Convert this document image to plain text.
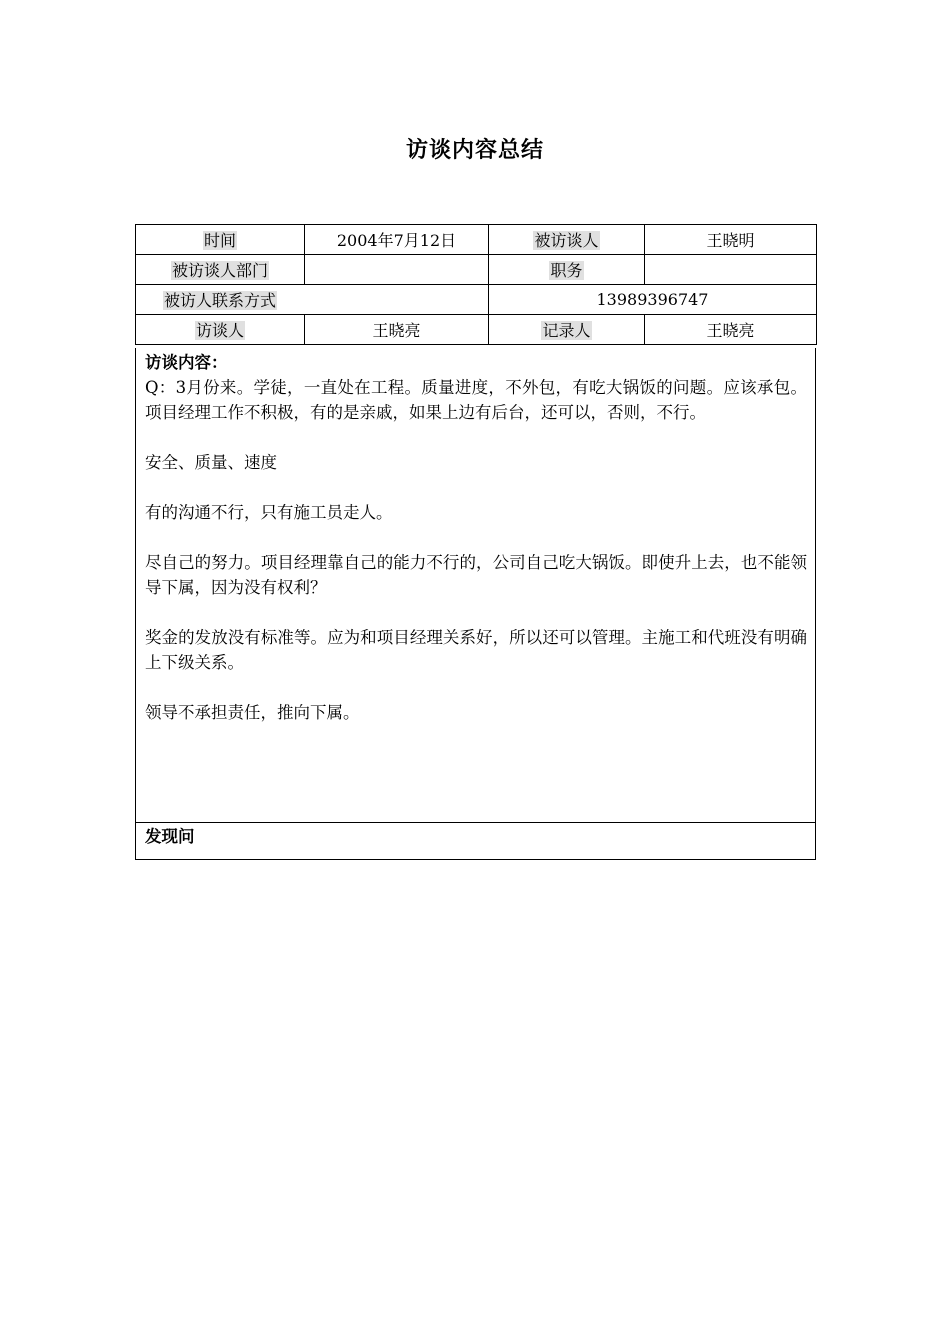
访谈内容总结
时间	2004年7月12日	被访谈人	王晓明
被访谈人部门		职务	
被访人联系方式		13989396747	
访谈人	王晓亮	记录人	王晓亮
访谈内容：

Q：3月份来。学徒，一直处在工程。质量进度，不外包，有吃大锅饭的问题。应该承包。项目经理工作不积极，有的是亲戚，如果上边有后台，还可以，否则，不行。

安全、质量、速度

有的沟通不行，只有施工员走人。

尽自己的努力。项目经理靠自己的能力不行的，公司自己吃大锅饭。即使升上去，也不能领导下属，因为没有权利？

奖金的发放没有标准等。应为和项目经理关系好，所以还可以管理。主施工和代班没有明确上下级关系。

领导不承担责任，推向下属。

发现问
